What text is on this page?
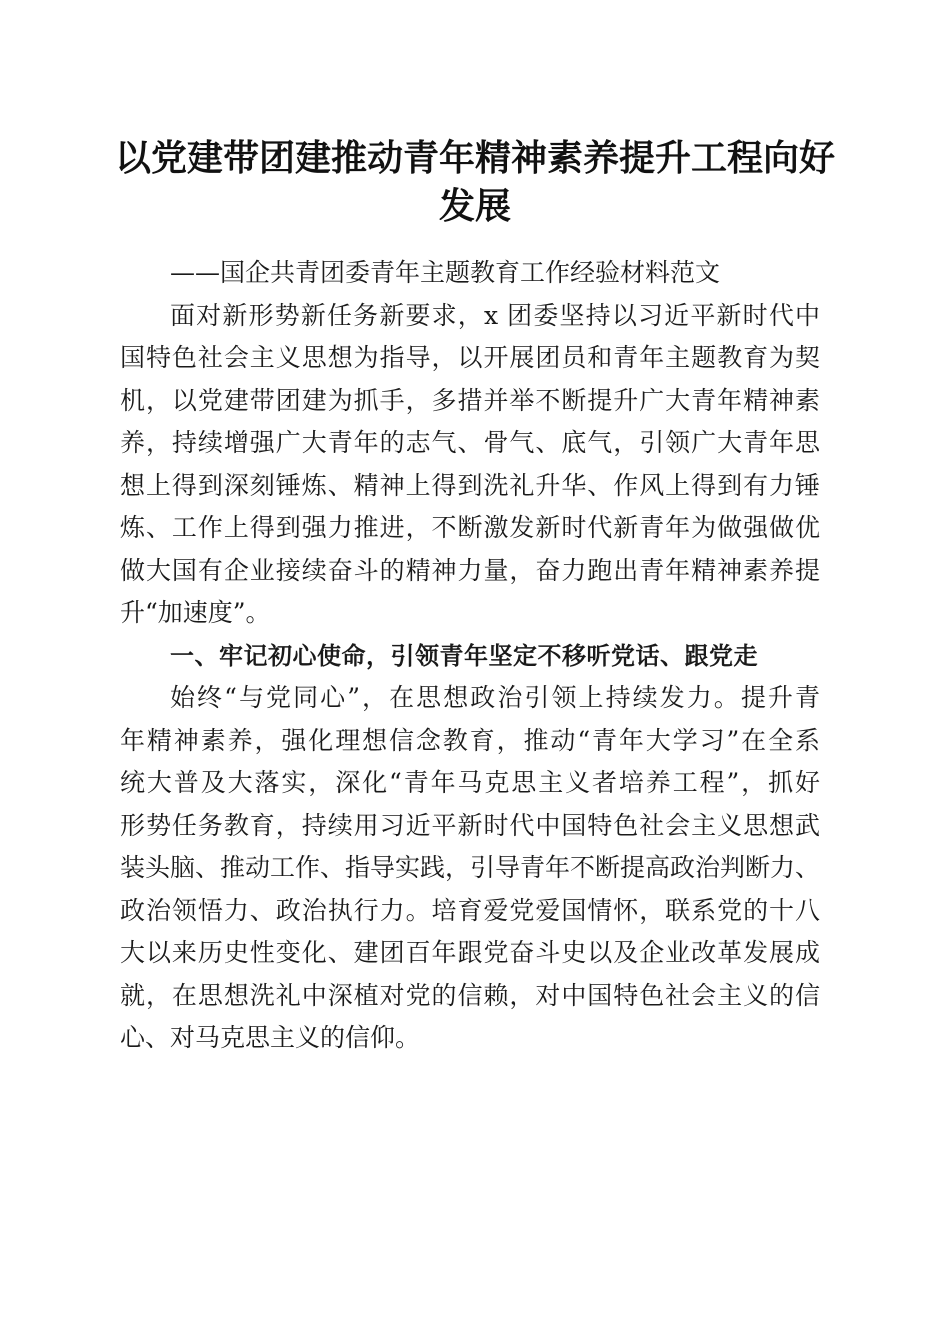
以党建带团建推动青年精神素养提升工程向好
发展
——国企共青团委青年主题教育工作经验材料范文
面对新形势新任务新要求，x 团委坚持以习近平新时代中
国特色社会主义思想为指导，以开展团员和青年主题教育为契
机，以党建带团建为抓手，多措并举不断提升广大青年精神素
养，持续增强广大青年的志气、骨气、底气，引领广大青年思
想上得到深刻锤炼、精神上得到洗礼升华、作风上得到有力锤
炼、工作上得到强力推进，不断激发新时代新青年为做强做优
做大国有企业接续奋斗的精神力量，奋力跑出青年精神素养提
升“加速度”。
一、牢记初心使命，引领青年坚定不移听党话、跟党走
始终“与党同心”，在思想政治引领上持续发力。提升青
年精神素养，强化理想信念教育，推动“青年大学习”在全系
统大普及大落实，深化“青年马克思主义者培养工程”，抓好
形势任务教育，持续用习近平新时代中国特色社会主义思想武
装头脑、推动工作、指导实践，引导青年不断提高政治判断力、
政治领悟力、政治执行力。培育爱党爱国情怀，联系党的十八
大以来历史性变化、建团百年跟党奋斗史以及企业改革发展成
就，在思想洗礼中深植对党的信赖，对中国特色社会主义的信
心、对马克思主义的信仰。
